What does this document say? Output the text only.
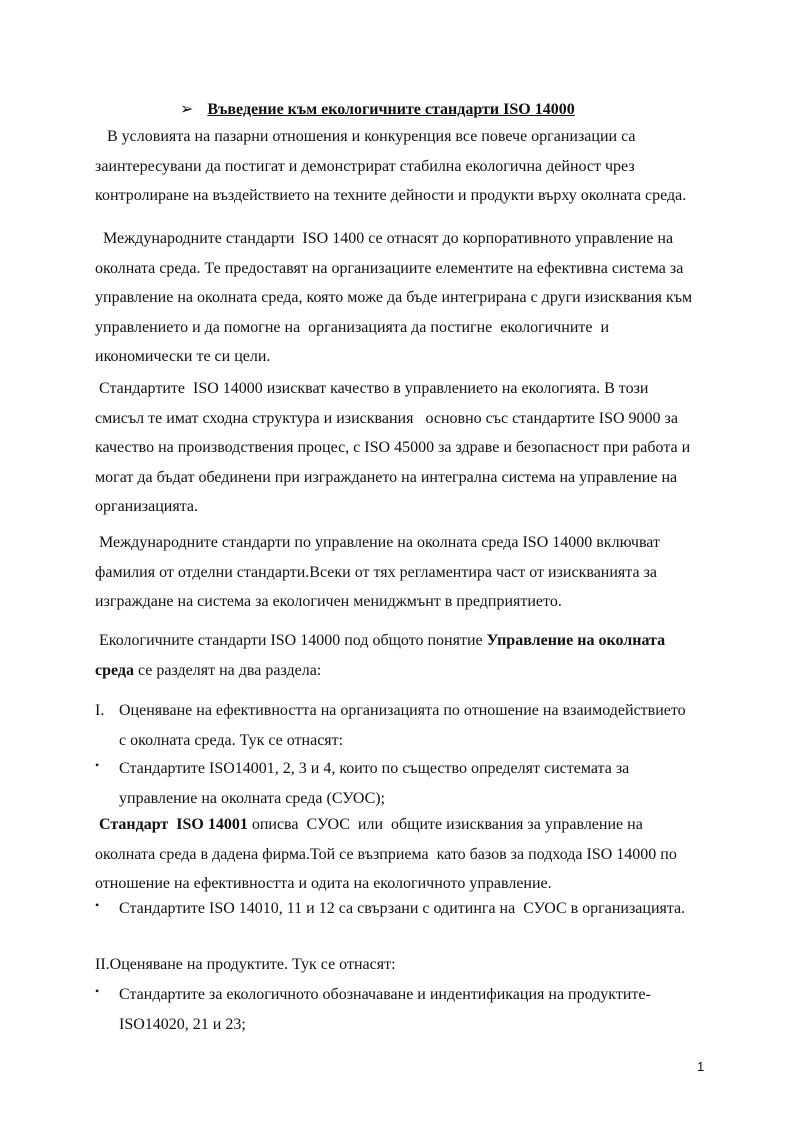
➢ Въведение към екологичните стандарти ISO 14000
В условията на пазарни отношения и конкуренция все повече организации са
заинтересувани да постигат и демонстрират стабилна екологична дейност чрез
контролиране на въздействието на техните дейности и продукти върху околната среда.
Международните стандарти  ISO 1400 се отнасят до корпоративното управление на
околната среда. Те предоставят на организациите елементите на ефективна система за
управление на околната среда, която може да бъде интегрирана с други изисквания към
управлението и да помогне на  организацията да постигне  екологичните  и
икономически те си цели.
Стандартите  ISO 14000 изискват качество в управлението на екологията. В този
смисъл те имат сходна структура и изисквания   основно със стандартите ISO 9000 за
качество на производствения процес, с ISO 45000 за здраве и безопасност при работа и
могат да бъдат обединени при изграждането на интегрална система на управление на
организацията.
Международните стандарти по управление на околната среда ISO 14000 включват
фамилия от отделни стандарти.Всеки от тях регламентира част от изискванията за
изграждане на система за екологичен мениджмънт в предприятието.
Екологичните стандарти ISO 14000 под общото понятие Управление на околната
среда се разделят на два раздела:
I. Оценяване на ефективността на организацията по отношение на взаимодействието
с околната среда. Тук се отнасят:
• Стандартите ISO14001, 2, 3 и 4, които по същество определят системата за
управление на околната среда (СУОС);
Стандарт  ISO 14001 описва  СУОС  или  общите изисквания за управление на
околната среда в дадена фирма.Той се възприема  като базов за подхода ISO 14000 по
отношение на ефективността и одита на екологичното управление.
• Стандартите ISO 14010, 11 и 12 са свързани с одитинга на  СУОС в организацията.
II.Оценяване на продуктите. Тук се отнасят:
• Стандартите за екологичното обозначаване и индентификация на продуктите-
ISO14020, 21 и 23;
1
